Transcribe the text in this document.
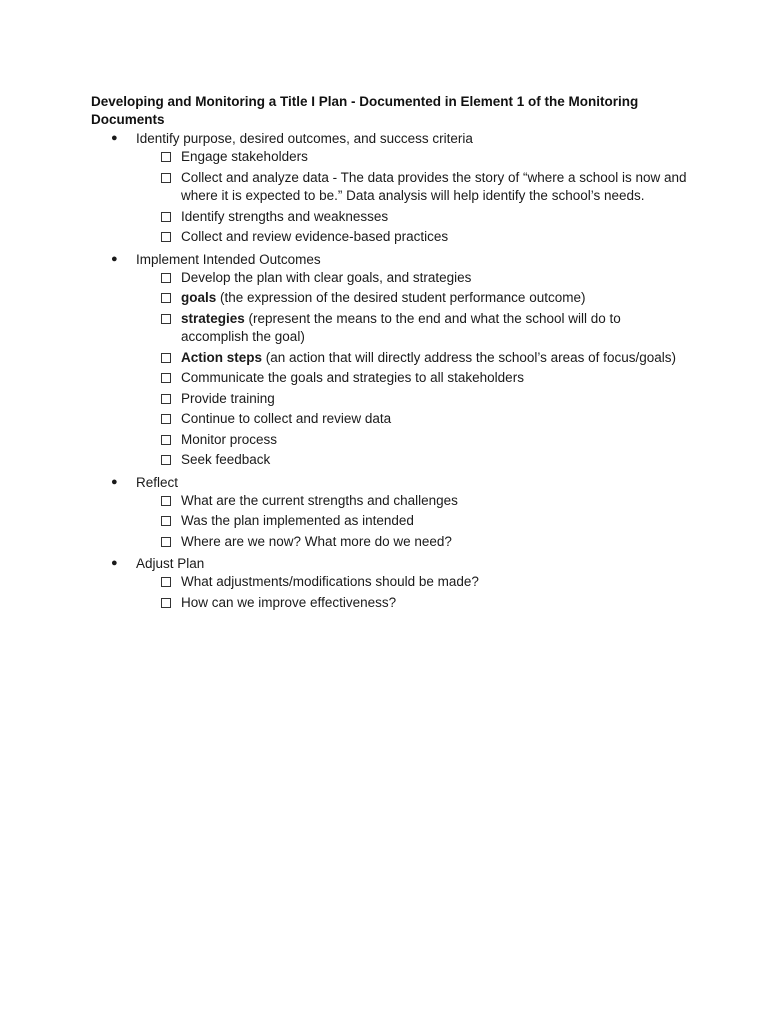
Developing and Monitoring a Title I Plan - Documented in Element 1 of the Monitoring Documents

● Identify purpose, desired outcomes, and success criteria
Engage stakeholders
Collect and analyze data - The data provides the story of “where a school is now and where it is expected to be.” Data analysis will help identify the school’s needs.
Identify strengths and weaknesses
Collect and review evidence-based practices
● Implement Intended Outcomes
Develop the plan with clear goals, and strategies
goals (the expression of the desired student performance outcome)
strategies (represent the means to the end and what the school will do to accomplish the goal)
Action steps (an action that will directly address the school’s areas of focus/goals)
Communicate the goals and strategies to all stakeholders
Provide training
Continue to collect and review data
Monitor process
Seek feedback
● Reflect
What are the current strengths and challenges
Was the plan implemented as intended
Where are we now? What more do we need?
● Adjust Plan
What adjustments/modifications should be made?
How can we improve effectiveness?
